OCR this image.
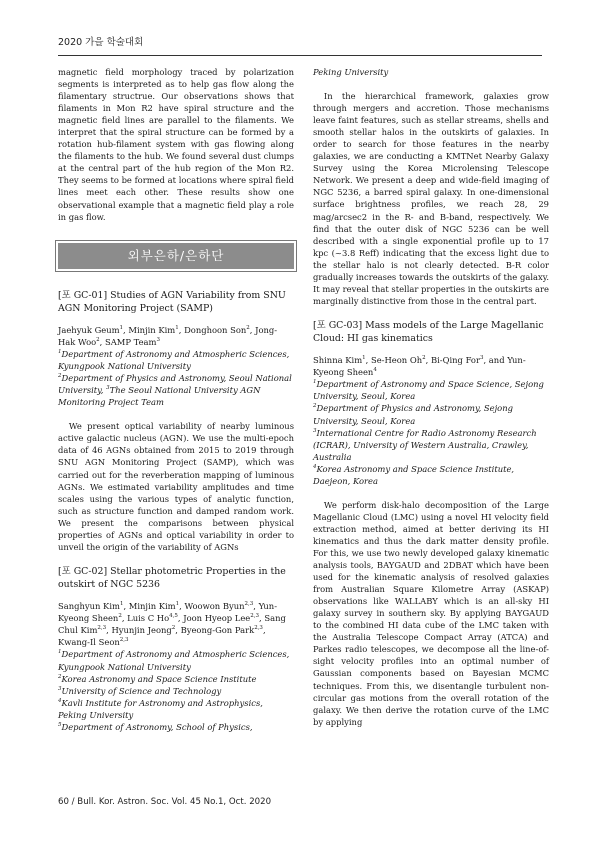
2020 가을 학술대회

magnetic field morphology traced by polarization segments is interpreted as to help gas flow along the filamentary structrue. Our observations shows that filaments in Mon R2 have spiral structure and the magnetic field lines are parallel to the filaments. We interpret that the spiral structure can be formed by a rotation hub-filament system with gas flowing along the filaments to the hub. We found several dust clumps at the central part of the hub region of the Mon R2. They seems to be formed at locations where spiral field lines meet each other. These results show one observational example that a magnetic field play a role in gas flow.

외부은하/은하단

[포 GC-01] Studies of AGN Variability from SNU AGN Monitoring Project (SAMP)

Jaehyuk Geum$^1$, Minjin Kim$^1$, Donghoon Son$^2$, Jong-Hak Woo$^2$, SAMP Team$^3$

$^1$Department of Astronomy and Atmospheric Sciences, Kyungpook National University

$^2$Department of Physics and Astronomy, Seoul National University, $^3$The Seoul National University AGN Monitoring Project Team

We present optical variability of nearby luminous active galactic nucleus (AGN). We use the multi-epoch data of 46 AGNs obtained from 2015 to 2019 through SNU AGN Monitoring Project (SAMP), which was carried out for the reverberation mapping of luminous AGNs. We estimated variability amplitudes and time scales using the various types of analytic function, such as structure function and damped random work. We present the comparisons between physical properties of AGNs and optical variability in order to unveil the origin of the variability of AGNs

[포 GC-02] Stellar photometric Properties in the outskirt of NGC 5236

Sanghyun Kim$^1$, Minjin Kim$^1$, Woowon Byun$^{2,3}$, Yun-Kyeong Sheen$^2$, Luis C Ho$^{4,5}$, Joon Hyeop Lee$^{2,3}$, Sang Chul Kim$^{2,3}$, Hyunjin Jeong$^2$, Byeong-Gon Park$^{2,3}$, Kwang-Il Seon$^{2,3}$

$^1$Department of Astronomy and Atmospheric Sciences, Kyungpook National University

$^2$Korea Astronomy and Space Science Institute

$^3$University of Science and Technology

$^4$Kavli Institute for Astronomy and Astrophysics, Peking University

$^5$Department of Astronomy, School of Physics,

Peking University

In the hierarchical framework, galaxies grow through mergers and accretion. Those mechanisms leave faint features, such as stellar streams, shells and smooth stellar halos in the outskirts of galaxies. In order to search for those features in the nearby galaxies, we are conducting a KMTNet Nearby Galaxy Survey using the Korea Microlensing Telescope Network. We present a deep and wide-field imaging of NGC 5236, a barred spiral galaxy. In one-dimensional surface brightness profiles, we reach 28, 29 mag/arcsec2 in the R- and B-band, respectively. We find that the outer disk of NGC 5236 can be well described with a single exponential profile up to 17 kpc (~3.8 Reff) indicating that the excess light due to the stellar halo is not clearly detected. B-R color gradually increases towards the outskirts of the galaxy. It may reveal that stellar properties in the outskirts are marginally distinctive from those in the central part.

[포 GC-03] Mass models of the Large Magellanic Cloud: HI gas kinematics

Shinna Kim$^1$, Se-Heon Oh$^2$, Bi-Qing For$^3$, and Yun-Kyeong Sheen$^4$

$^1$Department of Astronomy and Space Science, Sejong University, Seoul, Korea

$^2$Department of Physics and Astronomy, Sejong University, Seoul, Korea

$^3$International Centre for Radio Astronomy Research (ICRAR), University of Western Australia, Crawley, Australia

$^4$Korea Astronomy and Space Science Institute, Daejeon, Korea

We perform disk-halo decomposition of the Large Magellanic Cloud (LMC) using a novel HI velocity field extraction method, aimed at better deriving its HI kinematics and thus the dark matter density profile. For this, we use two newly developed galaxy kinematic analysis tools, BAYGAUD and 2DBAT which have been used for the kinematic analysis of resolved galaxies from Australian Square Kilometre Array (ASKAP) observations like WALLABY which is an all-sky HI galaxy survey in southern sky. By applying BAYGAUD to the combined HI data cube of the LMC taken with the Australia Telescope Compact Array (ATCA) and Parkes radio telescopes, we decompose all the line-of-sight velocity profiles into an optimal number of Gaussian components based on Bayesian MCMC techniques. From this, we disentangle turbulent non-circular gas motions from the overall rotation of the galaxy. We then derive the rotation curve of the LMC by applying

60 / Bull. Kor. Astron. Soc. Vol. 45 No.1, Oct. 2020
